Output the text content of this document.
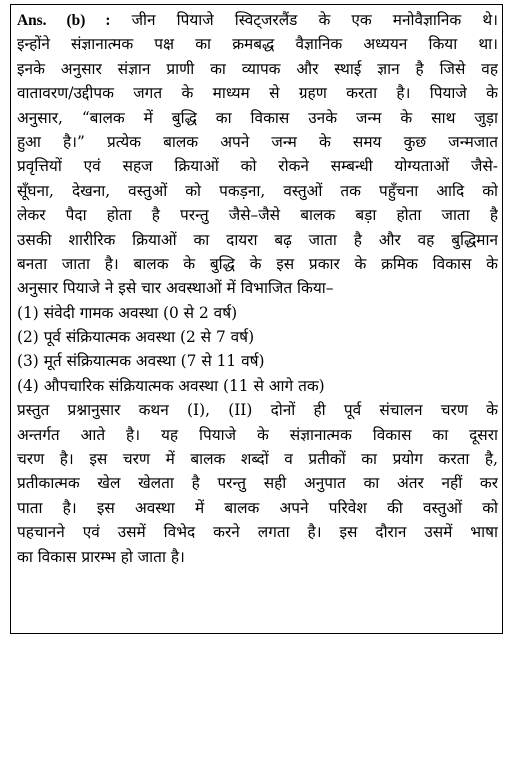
Ans. (b) : जीन पियाजे स्विट्जरलैंड के एक मनोवैज्ञानिक थे।
इन्होंने संज्ञानात्मक पक्ष का क्रमबद्ध वैज्ञानिक अध्ययन किया था।
इनके अनुसार संज्ञान प्राणी का व्यापक और स्थाई ज्ञान है जिसे वह
वातावरण/उद्दीपक जगत के माध्यम से ग्रहण करता है। पियाजे के
अनुसार, “बालक में बुद्धि का विकास उनके जन्म के साथ जुड़ा
हुआ है।” प्रत्येक बालक अपने जन्म के समय कुछ जन्मजात
प्रवृत्तियों एवं सहज क्रियाओं को रोकने सम्बन्धी योग्यताओं जैसे-
सूँघना, देखना, वस्तुओं को पकड़ना, वस्तुओं तक पहुँचना आदि को
लेकर पैदा होता है परन्तु जैसे–जैसे बालक बड़ा होता जाता है
उसकी शारीरिक क्रियाओं का दायरा बढ़ जाता है और वह बुद्धिमान
बनता जाता है। बालक के बुद्धि के इस प्रकार के क्रमिक विकास के
अनुसार पियाजे ने इसे चार अवस्थाओं में विभाजित किया–
(1) संवेदी गामक अवस्था (0 से 2 वर्ष)
(2) पूर्व संक्रियात्मक अवस्था (2 से 7 वर्ष)
(3) मूर्त संक्रियात्मक अवस्था (7 से 11 वर्ष)
(4) औपचारिक संक्रियात्मक अवस्था (11 से आगे तक)
प्रस्तुत प्रश्नानुसार कथन (I), (II) दोनों ही पूर्व संचालन चरण के
अन्तर्गत आते है। यह पियाजे के संज्ञानात्मक विकास का दूसरा
चरण है। इस चरण में बालक शब्दों व प्रतीकों का प्रयोग करता है,
प्रतीकात्मक खेल खेलता है परन्तु सही अनुपात का अंतर नहीं कर
पाता है। इस अवस्था में बालक अपने परिवेश की वस्तुओं को
पहचानने एवं उसमें विभेद करने लगता है। इस दौरान उसमें भाषा
का विकास प्रारम्भ हो जाता है।
